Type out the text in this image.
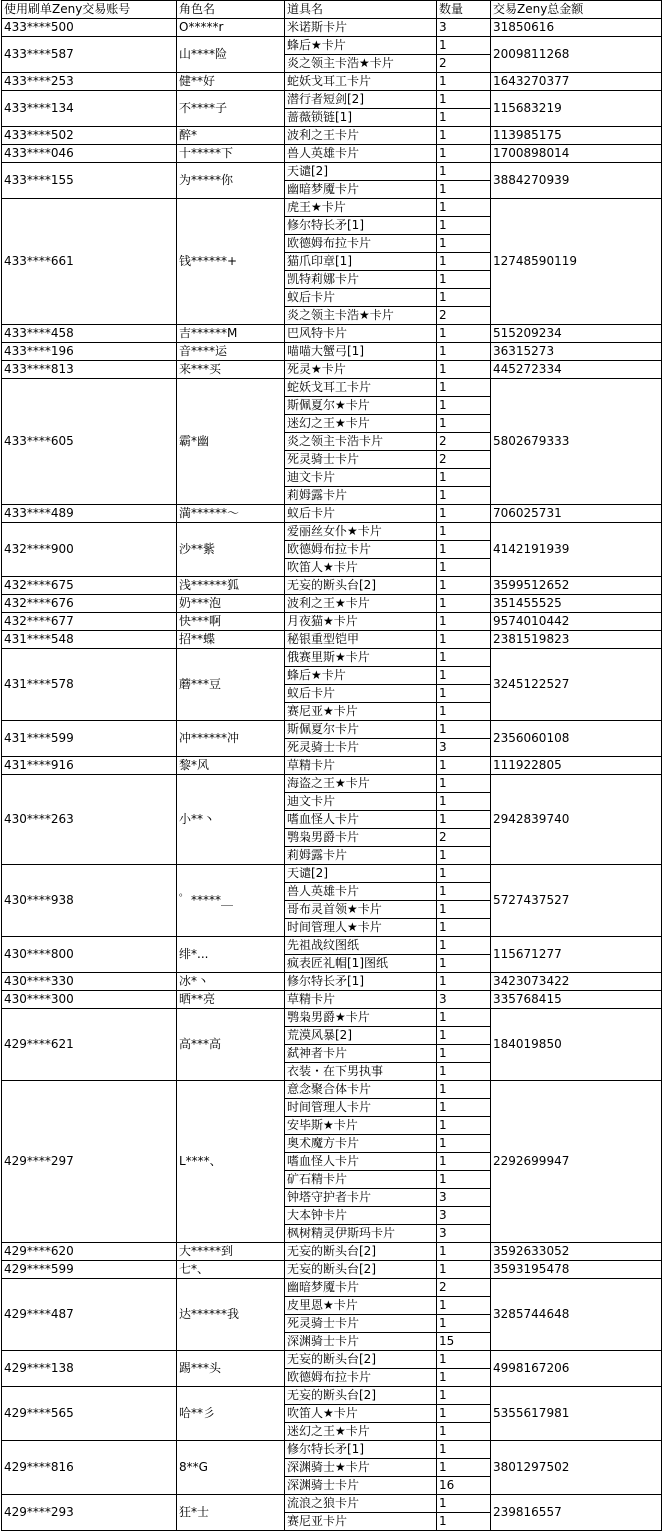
使用刷单Zeny交易账号	角色名	道具名	数量	交易Zeny总金额
433****500	O*****r	米诺斯卡片	3	31850616
433****587	山****险	蜂后★卡片	1	2009811268
		炎之领主卡浩★卡片	2	
433****253	健**好	蛇妖戈耳工卡片	1	1643270377
433****134	不****子	潜行者短剑[2]	1	115683219
		蔷薇锁链[1]	1	
433****502	醉*	波利之王卡片	1	113985175
433****046	十*****下	兽人英雄卡片	1	1700898014
433****155	为*****你	天谴[2]	1	3884270939
		幽暗梦魇卡片	1	
433****661	钱******+	虎王★卡片	1	12748590119
		修尔特长矛[1]	1	
		欧德姆布拉卡片	1	
		猫爪印章[1]	1	
		凯特莉娜卡片	1	
		蚁后卡片	1	
		炎之领主卡浩★卡片	2	
433****458	吉******M	巴风特卡片	1	515209234
433****196	音****运	喵喵大蟹弓[1]	1	36315273
433****813	来***买	死灵★卡片	1	445272334
433****605	霸*幽	蛇妖戈耳工卡片	1	5802679333
		斯佩夏尔★卡片	1	
		迷幻之王★卡片	1	
		炎之领主卡浩卡片	2	
		死灵骑士卡片	2	
		迪文卡片	1	
		莉姆露卡片	1	
433****489	満******～	蚁后卡片	1	706025731
432****900	沙**紫	爱丽丝女仆★卡片	1	4142191939
		欧德姆布拉卡片	1	
		吹笛人★卡片	1	
432****675	浅******狐	无妄的断头台[2]	1	3599512652
432****676	奶***泡	波利之王★卡片	1	351455525
432****677	快***啊	月夜猫★卡片	1	9574010442
431****548	招**蝶	秘银重型铠甲	1	2381519823
431****578	蘑***豆	俄赛里斯★卡片	1	3245122527
		蜂后★卡片	1	
		蚁后卡片	1	
		赛尼亚★卡片	1	
431****599	冲******冲	斯佩夏尔卡片	1	2356060108
		死灵骑士卡片	3	
431****916	黎*风	草精卡片	1	111922805
430****263	小**丶	海盗之王★卡片	1	2942839740
		迪文卡片	1	
		嗜血怪人卡片	1	
		鹗枭男爵卡片	2	
		莉姆露卡片	1	
430****938	゜*****＿	天谴[2]	1	5727437527
		兽人英雄卡片	1	
		哥布灵首领★卡片	1	
		时间管理人★卡片	1	
430****800	绯*...	先祖战纹图纸	1	115671277
		疯表匠礼帽[1]图纸	1	
430****330	冰*丶	修尔特长矛[1]	1	3423073422
430****300	晒**亮	草精卡片	3	335768415
429****621	高***高	鹗枭男爵★卡片	1	184019850
		荒漠风暴[2]	1	
		弑神者卡片	1	
		衣装・在下男执事	1	
429****297	L****、	意念聚合体卡片	1	2292699947
		时间管理人卡片	1	
		安毕斯★卡片	1	
		奥术魔方卡片	1	
		嗜血怪人卡片	1	
		矿石精卡片	1	
		钟塔守护者卡片	3	
		大本钟卡片	3	
		枫树精灵伊斯玛卡片	3	
429****620	大*****到	无妄的断头台[2]	1	3592633052
429****599	七*、	无妄的断头台[2]	1	3593195478
429****487	达******我	幽暗梦魇卡片	2	3285744648
		皮里恩★卡片	1	
		死灵骑士卡片	1	
		深渊骑士卡片	15	
429****138	踢***头	无妄的断头台[2]	1	4998167206
		欧德姆布拉卡片	1	
429****565	哈**彡	无妄的断头台[2]	1	5355617981
		吹笛人★卡片	1	
		迷幻之王★卡片	1	
429****816	8**G	修尔特长矛[1]	1	3801297502
		深渊骑士★卡片	1	
		深渊骑士卡片	16	
429****293	狂*士	流浪之狼卡片	1	239816557
		赛尼亚卡片	1	
